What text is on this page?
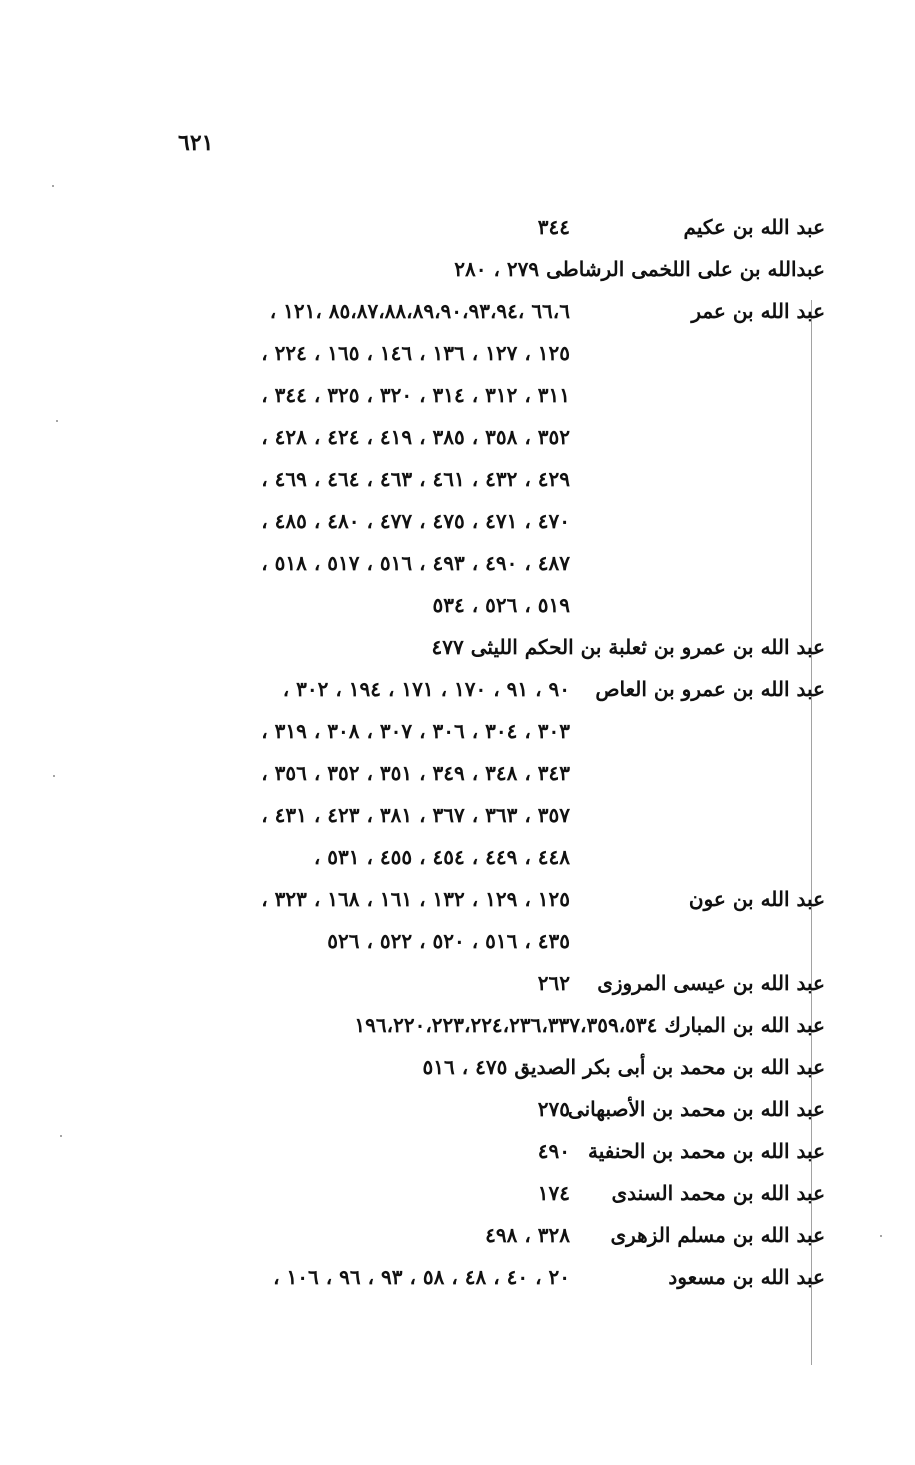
٦٢١
عبد الله بن عكيم
٣٤٤
عبدالله بن على اللخمى الرشاطى ٢٧٩ ، ٢٨٠
عبد الله بن عمر
٦٦،٦ ،٨٥،٨٧،٨٨،٨٩،٩٠،٩٣،٩٤ ،١٢١ ،
١٢٥ ، ١٢٧ ، ١٣٦ ، ١٤٦ ، ١٦٥ ، ٢٢٤ ،
٣١١ ، ٣١٢ ، ٣١٤ ، ٣٢٠ ، ٣٢٥ ، ٣٤٤ ،
٣٥٢ ، ٣٥٨ ، ٣٨٥ ، ٤١٩ ، ٤٢٤ ، ٤٢٨ ،
٤٢٩ ، ٤٣٢ ، ٤٦١ ، ٤٦٣ ، ٤٦٤ ، ٤٦٩ ،
٤٧٠ ، ٤٧١ ، ٤٧٥ ، ٤٧٧ ، ٤٨٠ ، ٤٨٥ ،
٤٨٧ ، ٤٩٠ ، ٤٩٣ ، ٥١٦ ، ٥١٧ ، ٥١٨ ،
٥١٩ ، ٥٢٦ ، ٥٣٤
عبد الله بن عمرو بن ثعلبة بن الحكم الليثى ٤٧٧
عبد الله بن عمرو بن العاص
٩٠ ، ٩١ ، ١٧٠ ، ١٧١ ، ١٩٤ ، ٣٠٢ ،
٣٠٣ ، ٣٠٤ ، ٣٠٦ ، ٣٠٧ ، ٣٠٨ ، ٣١٩ ،
٣٤٣ ، ٣٤٨ ، ٣٤٩ ، ٣٥١ ، ٣٥٢ ، ٣٥٦ ،
٣٥٧ ، ٣٦٣ ، ٣٦٧ ، ٣٨١ ، ٤٢٣ ، ٤٣١ ،
٤٤٨ ، ٤٤٩ ، ٤٥٤ ، ٤٥٥ ، ٥٣١ ،
عبد الله بن عون
١٢٥ ، ١٢٩ ، ١٣٢ ، ١٦١ ، ١٦٨ ، ٣٢٣ ،
٤٣٥ ، ٥١٦ ، ٥٢٠ ، ٥٢٢ ، ٥٢٦
عبد الله بن عيسى المروزى
٢٦٢
عبد الله بن المبارك ١٩٦،٢٢٠،٢٢٣،٢٢٤،٢٣٦،٣٣٧،٣٥٩،٥٣٤
عبد الله بن محمد بن أبى بكر الصديق ٤٧٥ ، ٥١٦
عبد الله بن محمد بن الأصبهانى
٢٧٥
عبد الله بن محمد بن الحنفية
٤٩٠
عبد الله بن محمد السندى
١٧٤
عبد الله بن مسلم الزهرى
٣٢٨ ، ٤٩٨
عبد الله بن مسعود
٢٠ ، ٤٠ ، ٤٨ ، ٥٨ ، ٩٣ ، ٩٦ ، ١٠٦ ،
